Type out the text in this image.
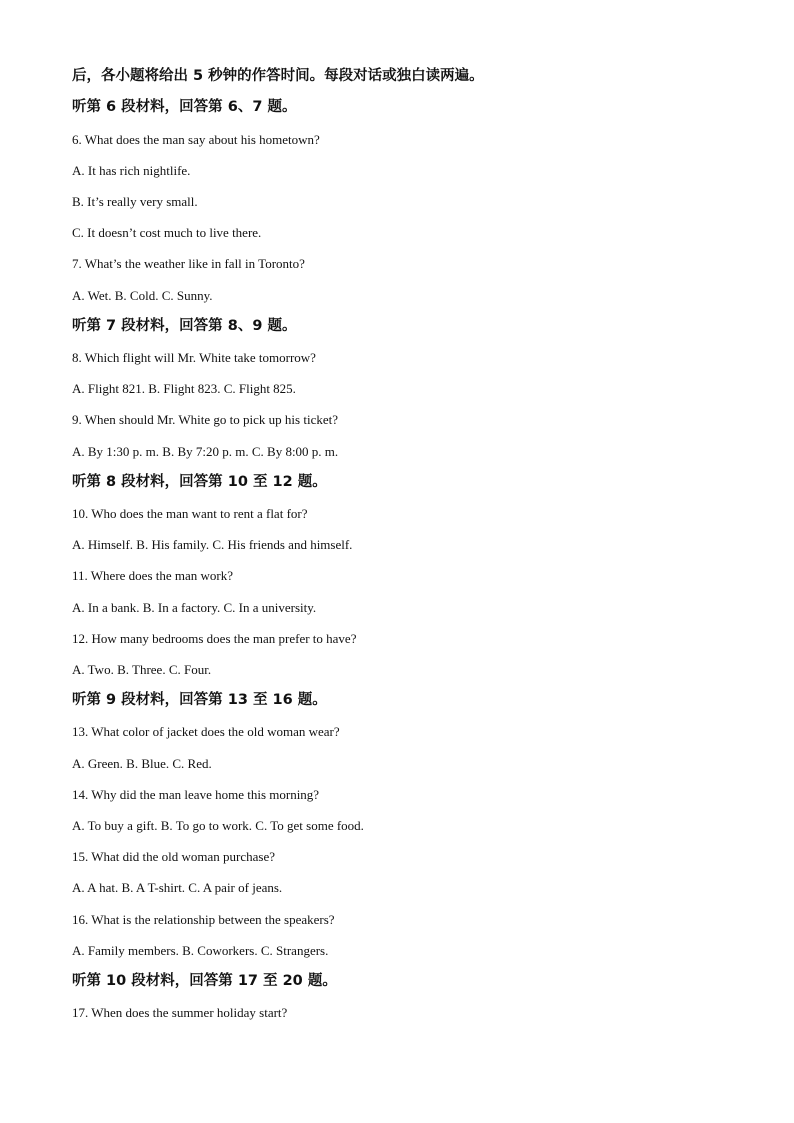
后，各小题将给出 5 秒钟的作答时间。每段对话或独白读两遍。
听第 6 段材料，回答第 6、7 题。
6. What does the man say about his hometown?
A. It has rich nightlife.
B. It’s really very small.
C. It doesn’t cost much to live there.
7. What’s the weather like in fall in Toronto?
A. Wet. B. Cold. C. Sunny.
听第 7 段材料，回答第 8、9 题。
8. Which flight will Mr. White take tomorrow?
A. Flight 821. B. Flight 823. C. Flight 825.
9. When should Mr. White go to pick up his ticket?
A. By 1:30 p. m. B. By 7:20 p. m. C. By 8:00 p. m.
听第 8 段材料，回答第 10 至 12 题。
10. Who does the man want to rent a flat for?
A. Himself. B. His family. C. His friends and himself.
11. Where does the man work?
A. In a bank. B. In a factory. C. In a university.
12. How many bedrooms does the man prefer to have?
A. Two. B. Three. C. Four.
听第 9 段材料，回答第 13 至 16 题。
13. What color of jacket does the old woman wear?
A. Green. B. Blue. C. Red.
14. Why did the man leave home this morning?
A. To buy a gift. B. To go to work. C. To get some food.
15. What did the old woman purchase?
A. A hat. B. A T-shirt. C. A pair of jeans.
16. What is the relationship between the speakers?
A. Family members. B. Coworkers. C. Strangers.
听第 10 段材料，回答第 17 至 20 题。
17. When does the summer holiday start?
